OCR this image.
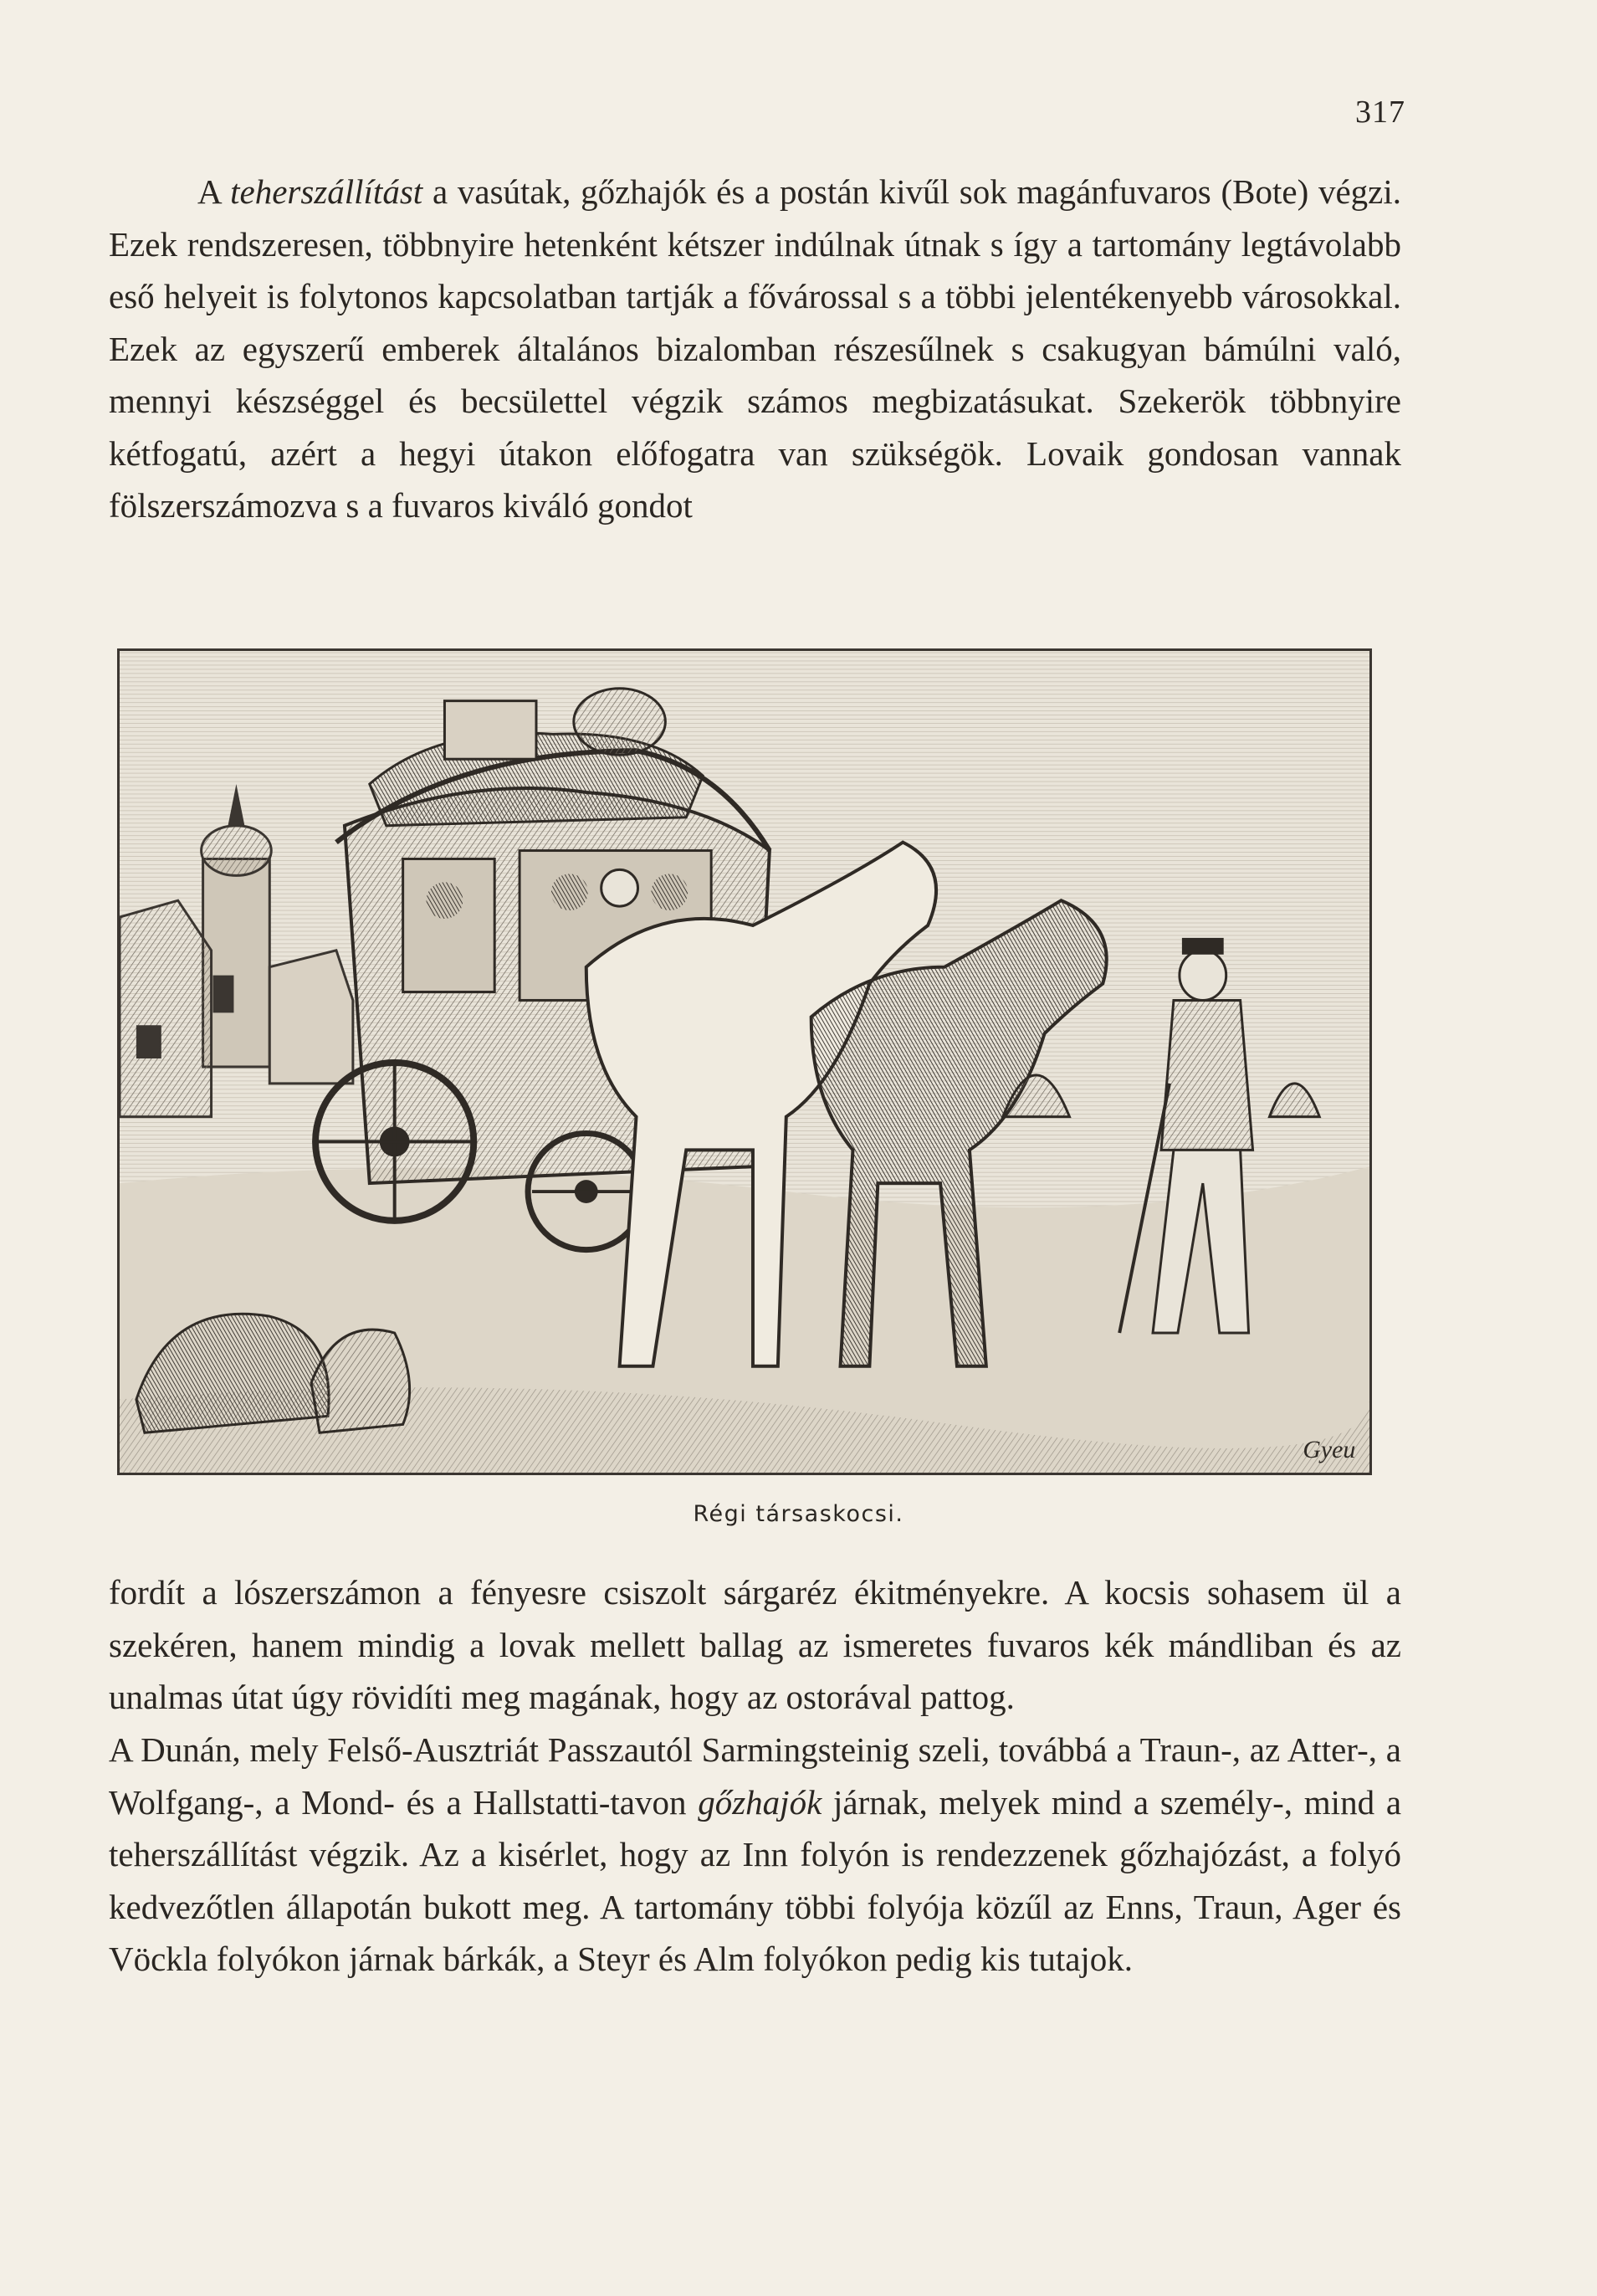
317

A teherszállítást a vasútak, gőzhajók és a postán kivűl sok magánfuvaros (Bote) végzi. Ezek rendszeresen, többnyire hetenként kétszer indúlnak útnak s így a tartomány legtávolabb eső helyeit is folytonos kapcsolatban tartják a fővárossal s a többi jelentékenyebb városokkal. Ezek az egyszerű emberek általános bizalomban részesűlnek s csakugyan bámúlni való, mennyi készséggel és becsülettel végzik számos megbizatásukat. Szekerök többnyire kétfogatú, azért a hegyi útakon előfogatra van szükségök. Lovaik gondosan vannak fölszerszámozva s a fuvaros kiváló gondot

Gyeu
Régi társaskocsi.

fordít a lószerszámon a fényesre csiszolt sárgaréz ékitményekre. A kocsis sohasem ül a szekéren, hanem mindig a lovak mellett ballag az ismeretes fuvaros kék mándliban és az unalmas útat úgy rövidíti meg magának, hogy az ostorával pattog.

A Dunán, mely Felső-Ausztriát Passzautól Sarmingsteinig szeli, továbbá a Traun-, az Atter-, a Wolfgang-, a Mond- és a Hallstatti-tavon gőzhajók járnak, melyek mind a személy-, mind a teherszállítást végzik. Az a kisérlet, hogy az Inn folyón is rendezzenek gőzhajózást, a folyó kedvezőtlen állapotán bukott meg. A tartomány többi folyója közűl az Enns, Traun, Ager és Vöckla folyókon járnak bárkák, a Steyr és Alm folyókon pedig kis tutajok.
